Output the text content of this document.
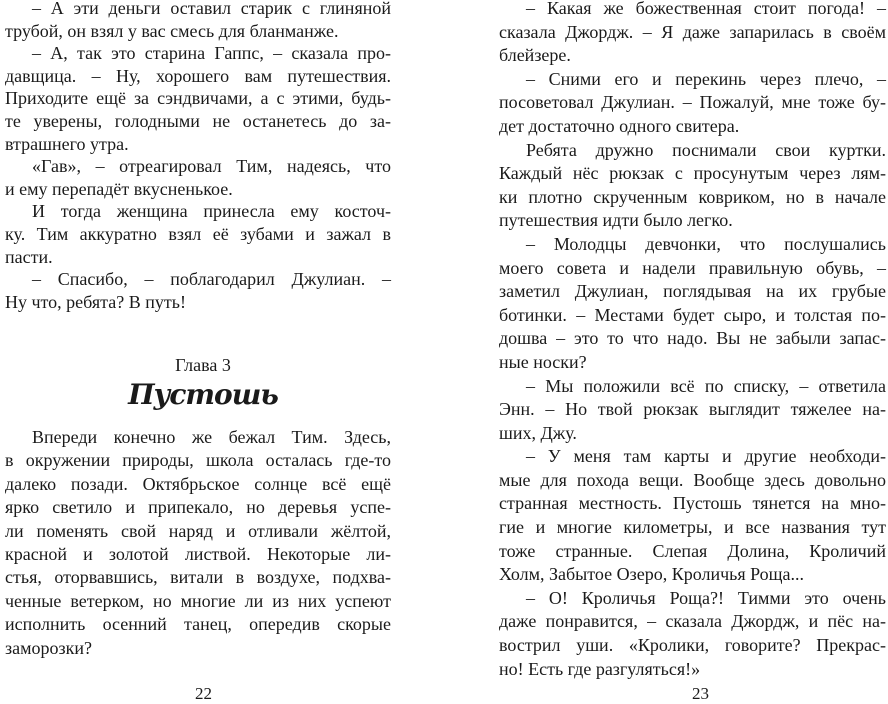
– А эти деньги оставил старик с глиняной
трубой, он взял у вас смесь для бланманже.
– А, так это старина Гаппс, – сказала про-
давщица. – Ну, хорошего вам путешествия.
Приходите ещё за сэндвичами, а с этими, будь-
те уверены, голодными не останетесь до за-
втрашнего утра.
«Гав», – отреагировал Тим, надеясь, что
и ему перепадёт вкусненькое.
И тогда женщина принесла ему косточ-
ку. Тим аккуратно взял её зубами и зажал в
пасти.
– Спасибо, – поблагодарил Джулиан. –
Ну что, ребята? В путь!
Глава 3
Пустошь
Впереди конечно же бежал Тим. Здесь,
в окружении природы, школа осталась где-то
далеко позади. Октябрьское солнце всё ещё
ярко светило и припекало, но деревья успе-
ли поменять свой наряд и отливали жёлтой,
красной и золотой листвой. Некоторые ли-
стья, оторвавшись, витали в воздухе, подхва-
ченные ветерком, но многие ли из них успеют
исполнить осенний танец, опередив скорые
заморозки?
22
– Какая же божественная стоит погода! –
сказала Джордж. – Я даже запарилась в своём
блейзере.
– Сними его и перекинь через плечо, –
посоветовал Джулиан. – Пожалуй, мне тоже бу-
дет достаточно одного свитера.
Ребята дружно поснимали свои куртки.
Каждый нёс рюкзак с просунутым через лям-
ки плотно скрученным ковриком, но в начале
путешествия идти было легко.
– Молодцы девчонки, что послушались
моего совета и надели правильную обувь, –
заметил Джулиан, поглядывая на их грубые
ботинки. – Местами будет сыро, и толстая по-
дошва – это то что надо. Вы не забыли запас-
ные носки?
– Мы положили всё по списку, – ответила
Энн. – Но твой рюкзак выглядит тяжелее на-
ших, Джу.
– У меня там карты и другие необходи-
мые для похода вещи. Вообще здесь довольно
странная местность. Пустошь тянется на мно-
гие и многие километры, и все названия тут
тоже странные. Слепая Долина, Кроличий
Холм, Забытое Озеро, Кроличья Роща...
– О! Кроличья Роща?! Тимми это очень
даже понравится, – сказала Джордж, и пёс на-
вострил уши. «Кролики, говорите? Прекрас-
но! Есть где разгуляться!»
23
